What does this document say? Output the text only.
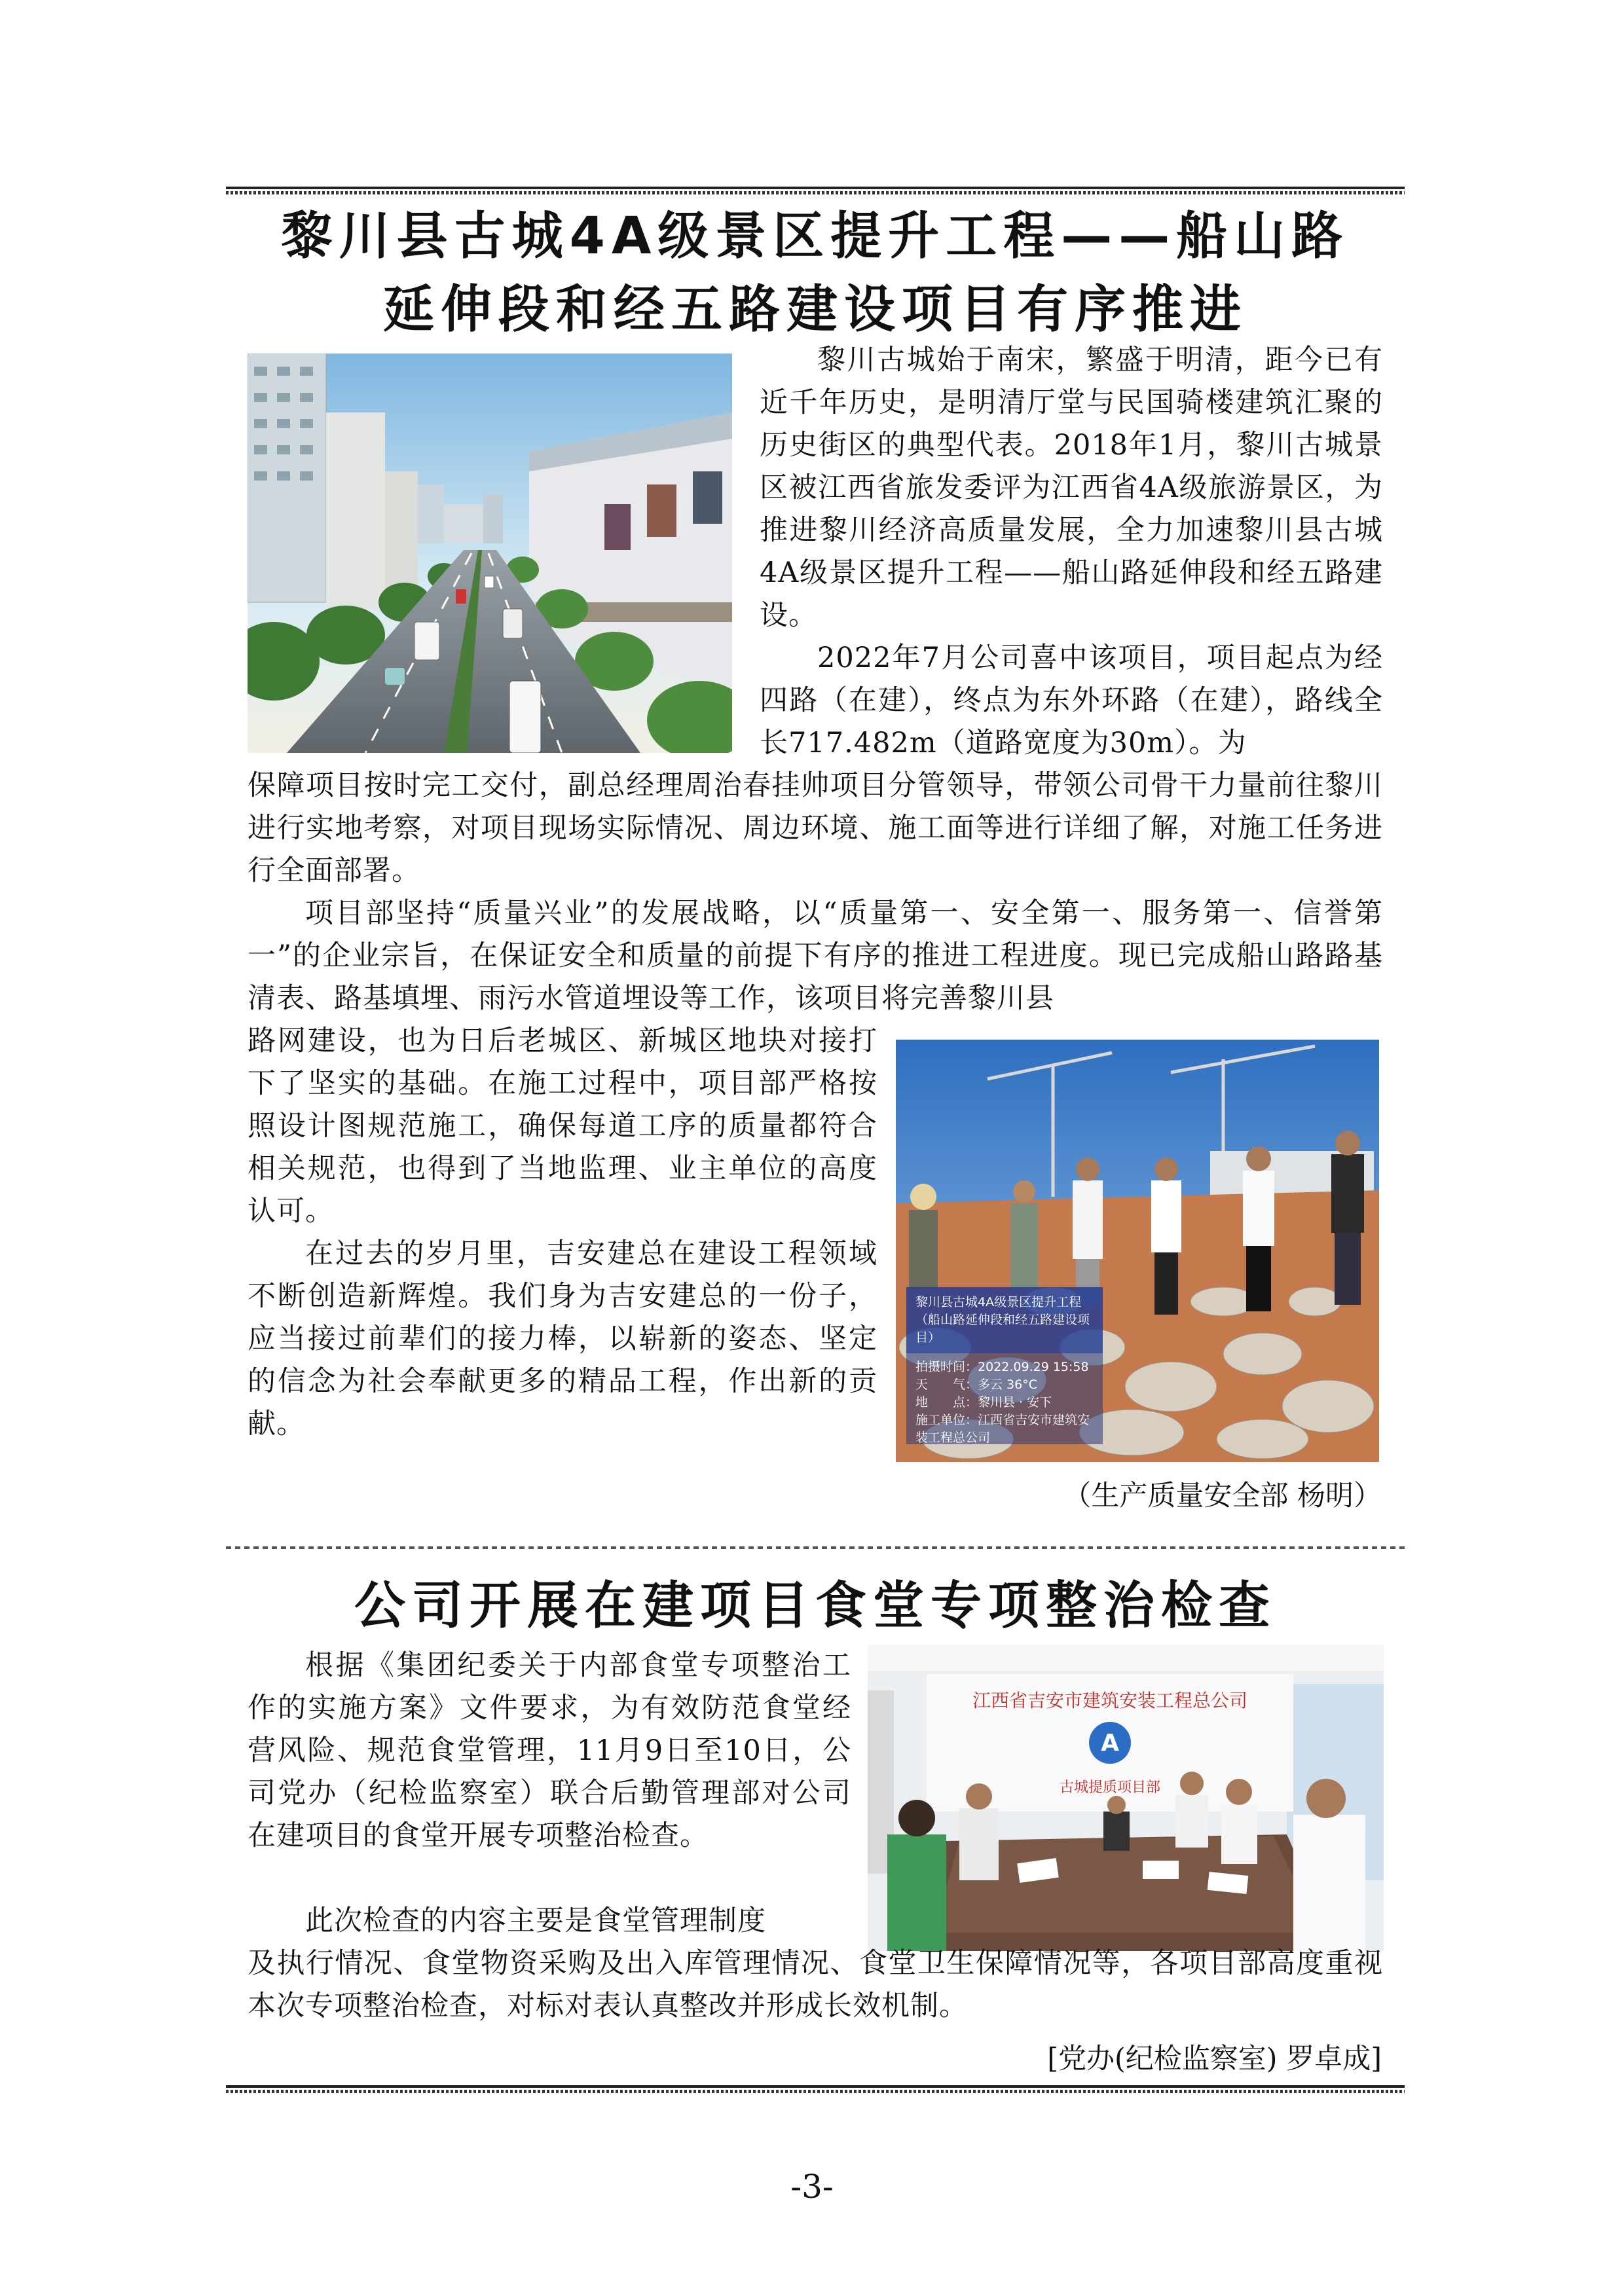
黎川县古城4A级景区提升工程——船山路
延伸段和经五路建设项目有序推进

黎川古城始于南宋，繁盛于明清，距今已有近千年历史，是明清厅堂与民国骑楼建筑汇聚的历史街区的典型代表。2018年1月，黎川古城景区被江西省旅发委评为江西省4A级旅游景区，为推进黎川经济高质量发展，全力加速黎川县古城4A级景区提升工程——船山路延伸段和经五路建设。

2022年7月公司喜中该项目，项目起点为经四路（在建），终点为东外环路（在建），路线全长717.482m（道路宽度为30m）。为

保障项目按时完工交付，副总经理周治春挂帅项目分管领导，带领公司骨干力量前往黎川进行实地考察，对项目现场实际情况、周边环境、施工面等进行详细了解，对施工任务进行全面部署。

项目部坚持“质量兴业”的发展战略，以“质量第一、安全第一、服务第一、信誉第一”的企业宗旨，在保证安全和质量的前提下有序的推进工程进度。现已完成船山路路基清表、路基填埋、雨污水管道埋设等工作，该项目将完善黎川县

路网建设，也为日后老城区、新城区地块对接打下了坚实的基础。在施工过程中，项目部严格按照设计图规范施工，确保每道工序的质量都符合相关规范，也得到了当地监理、业主单位的高度认可。

在过去的岁月里，吉安建总在建设工程领域不断创造新辉煌。我们身为吉安建总的一份子，应当接过前辈们的接力棒，以崭新的姿态、坚定的信念为社会奉献更多的精品工程，作出新的贡献。

黎川县古城4A级景区提升工程（船山路延伸段和经五路建设项目）
拍摄时间：2022.09.29 15:58
天　　气：多云 36°C
地　　点：黎川县 · 安下
施工单位：江西省吉安市建筑安装工程总公司

（生产质量安全部 杨明）

公司开展在建项目食堂专项整治检查
江西省吉安市建筑安装工程总公司
A
古城提质项目部

根据《集团纪委关于内部食堂专项整治工作的实施方案》文件要求，为有效防范食堂经营风险、规范食堂管理，11月9日至10日，公司党办（纪检监察室）联合后勤管理部对公司在建项目的食堂开展专项整治检查。

此次检查的内容主要是食堂管理制度

及执行情况、食堂物资采购及出入库管理情况、食堂卫生保障情况等，各项目部高度重视本次专项整治检查，对标对表认真整改并形成长效机制。

[党办(纪检监察室) 罗卓成]

-3-
